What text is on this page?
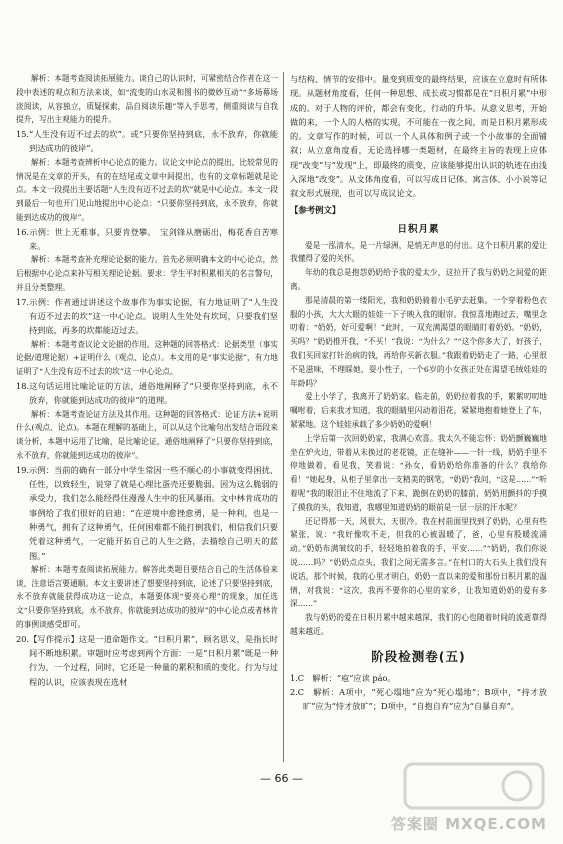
解析：本题考查阅读拓展能力。谈自己的认识时，可紧密结合作者在这一段中表述的观点和方法来谈，如“流变的山水灵和图书的微妙互动”“多场幕场淡阅读，从容独立，质疑探索，品自阅读乐趣”等入手思考，侧重阅读与自我提升，写出主观能力的提升。

15.“人生没有迈不过去的坎”。或“只要你坚持到底，永不放弃，你就能到达成功的彼岸”。

解析：本题考查辨析中心论点的能力。议论文中论点的提出，比较常见的情况是在文章的开头，有的在结尾或文章中间提出，也有的文章标题就是论点。本文一段提出主要话题“人生没有迈不过去的坎”就是中心论点。本文一段到最后一句也开门见山地提出中心论点：“只要你坚持到底，永不放弃，你就能到达成功的彼岸”。

16.示例：世上无难事，只要肯登攀。　宝剑锋从磨砺出，梅花香自苦寒来。

解析：本题考查补充理论论据的能力。首先必须明确本文的中心论点，然后根据中心论点来补写相关理论论据。要求：学生平时积累相关的名言警句，并且分类整理。

17.示例：作者通过讲述这个故事作为事实论据，有力地证明了“人生没有迈不过去的坎”这一中心论点。说明人生处处有坎坷，只要我们坚持到底，再多的坎都能迈过去。

解析：本题考查议论文论据的作用。这种题的回答格式：论据类型（事实论据/道理论据）+证明什么（观点、论点）。本文用的是“事实论据”，有力地证明了“人生没有迈不过去的坎”这一中心论点。

18.这句话运用比喻论证的方法，通俗地阐释了“只要你坚持到底，永不放弃，你就能到达成功的彼岸”的道理。

解析：本题考查论证方法及其作用。这种题的回答格式：论证方法+说明什么(观点、论点)。本题在理解的基础上，可以从这个比喻句出发结合语段来谈分析，本题中运用了比喻，是比喻论证，通俗地阐释了“只要你坚持到底，永不放弃，你就能到达成功的彼岸”。

19.示例：当前的确有一部分中学生常因一些不顺心的小事就变得困扰、任性，以致轻生，说穿了就是心理比蛋壳还要脆弱。因为这么脆弱的承受力，我们怎么能经得住漫漫人生中的狂风暴雨。文中林肯成功的事例给了我们很好的启迪：“在逆境中愈挫愈勇，是一种利，也是一种勇气，拥有了这种勇气，任何困难都不能打倒我们，相信我们只要凭着这种勇气，一定能开拓自己的人生之路，去描绘自己明天的蓝图。”

解析：本题考查阅读拓展能力。解答此类题目要结合自己的生活体验来谈，注意语言要通顺。本文主要讲述了想要坚持到底，论述了只要坚持到底，永不放弃就能获得成功这一论点，本题要体现“要亮心理”的现象，加任选文“只要你坚持到底，永不放弃，你就能到达成功的彼岸”的中心论点或者林肯的事例谈感受即可。

20.【写作提示】这是一道命题作文。“日积月累”，顾名思义，是指长时间不断地积累。审题时应考虑到两个方面：一是“日积月累”既是一种行为，一个过程，同时，它还是一种量的累积和质的变化。行为与过程的认识，应该表现在选材

与结构、情节的安排中。量变到质变的最终结果，应该在立意时有所体现。从题材角度看，任何一种思想、成长或习惯都是在“日积月累”中形成的。对于人物的评价，都会有变化，行动的升华。从意义思考，开始做的来，一个人的人格的实现，不可能在一夜之间，而是日积月累形成的。文章写作的时候，可以一个人具体和例子或一个小故事的全面铺叙；从立意角度看，无论选择哪一类题材，在最终主旨的表现上应体现“改变”与“发现”上，即最终的质变，应该能够提出认识的轨迹在由浅入深地“改变”。从文体角度看，可以写成日记体、寓言体、小小说等记叙文形式展现，也可以写成议论文。

【参考例文】
日积月累

爱是一泓清水，是一片绿洲，是悄无声息的付出。这个日积月累的爱让我懂得了爱的关怀。

年幼的我总是抱怨奶奶给予我的爱太少，这拉开了我与奶奶之间爱的距离。

那是清晨的第一缕阳光，我和奶奶骑着小毛驴去赶集。一个穿着粉色衣服的小孩，大大大眼的娃娃一下子映入我的眼帘。我惊喜地跑过去，嘴里念叨着：“奶奶，好可爱啊！”此时，一双充满渴望的眼睛盯着奶奶。“奶奶，买吗？”奶奶推开我，“不买！”我说：“为什么？”“这个你多大了，好孩子，我们买回家打针治病的钱，再给你买新衣服。”我跟着奶奶走了一路，心里很不是滋味，不理睬她，耍小性子，一个6岁的小女孩正处在渴望毛绒娃娃的年龄吗？

爱上小学了，我离开了奶奶家。临走前，奶奶拉着我的手，絮絮叨叨地嘱咐着，后来我才知道，我的眼睛里闪动着泪花，紧紧地抱着她登上了车，紧紧地。这个娃娃承载了多少奶奶的爱啊！

上学后第一次回奶奶家，我满心欢喜。我太久不能忘怀：奶奶颤巍巍地坐在炉火边，带着从未换过的老花镜，正在缝补——一针一线，奶奶手里不停地做着，看见我，笑着说：“孙女，看奶奶给你准备的什么？我给你看！”她起身，从柜子里拿出一支精美的钢笔，“奶奶”我问，“这是……”“听着呢”我的眼泪止不住地流了下来，跪倒在奶奶的膝前，奶奶用颤抖的手摸了摸我的头，我知道，我哪里知道奶奶的眼前是一层一层的汗水呢？

还记得那一天，风很大，天很冷。我在村前面里找到了奶奶，心里有些紧张，说：“我好像吹不走，但我的心被温暖了，爸，心里有股暖流涌动。”奶奶布满皱纹的手，轻轻地拍着我的手，平安……”“奶奶，我们你说说……吗？”奶奶点点头，我们之间无需多言。”在村口的大石头上我们没有说话，那个时候，我的心里才明白，奶奶一直以来的爱和那份日积月累的温情，对我说：“这次，我再不要你的心里的家乡，让我知道奶奶的爱有多深……”

我与奶奶的爱在日积月累中越来越深，我们的心也随着时间的流逝靠得越来越近。

阶段检测卷(五)

1.C　解析：“庖”应读 páo。

2.C　解析：A项中，“死心塌地”应为“死心塌地”；B项中，“持才放旷”应为“恃才放旷”；D项中，“自抱自弃”应为“自暴自弃”。

— 66 —
答案圈 MXQE.COM
